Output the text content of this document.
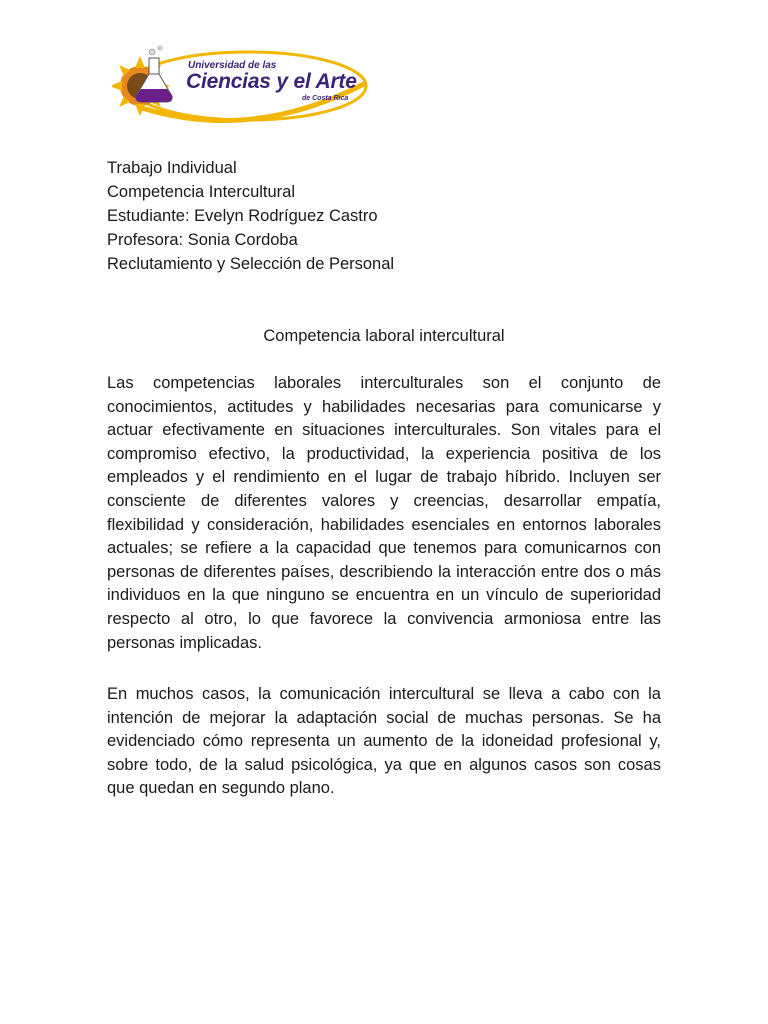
Universidad de las
Ciencias y el Arte
de Costa Rica
Trabajo Individual
Competencia Intercultural
Estudiante: Evelyn Rodríguez Castro
Profesora: Sonia Cordoba
Reclutamiento y Selección de Personal
Competencia laboral intercultural

Las competencias laborales interculturales son el conjunto de conocimientos, actitudes y habilidades necesarias para comunicarse y actuar efectivamente en situaciones interculturales. Son vitales para el compromiso efectivo, la productividad, la experiencia positiva de los empleados y el rendimiento en el lugar de trabajo híbrido. Incluyen ser consciente de diferentes valores y creencias, desarrollar empatía, flexibilidad y consideración, habilidades esenciales en entornos laborales actuales; se refiere a la capacidad que tenemos para comunicarnos con personas de diferentes países, describiendo la interacción entre dos o más individuos en la que ninguno se encuentra en un vínculo de superioridad respecto al otro, lo que favorece la convivencia armoniosa entre las personas implicadas.

En muchos casos, la comunicación intercultural se lleva a cabo con la intención de mejorar la adaptación social de muchas personas. Se ha evidenciado cómo representa un aumento de la idoneidad profesional y, sobre todo, de la salud psicológica, ya que en algunos casos son cosas que quedan en segundo plano.
